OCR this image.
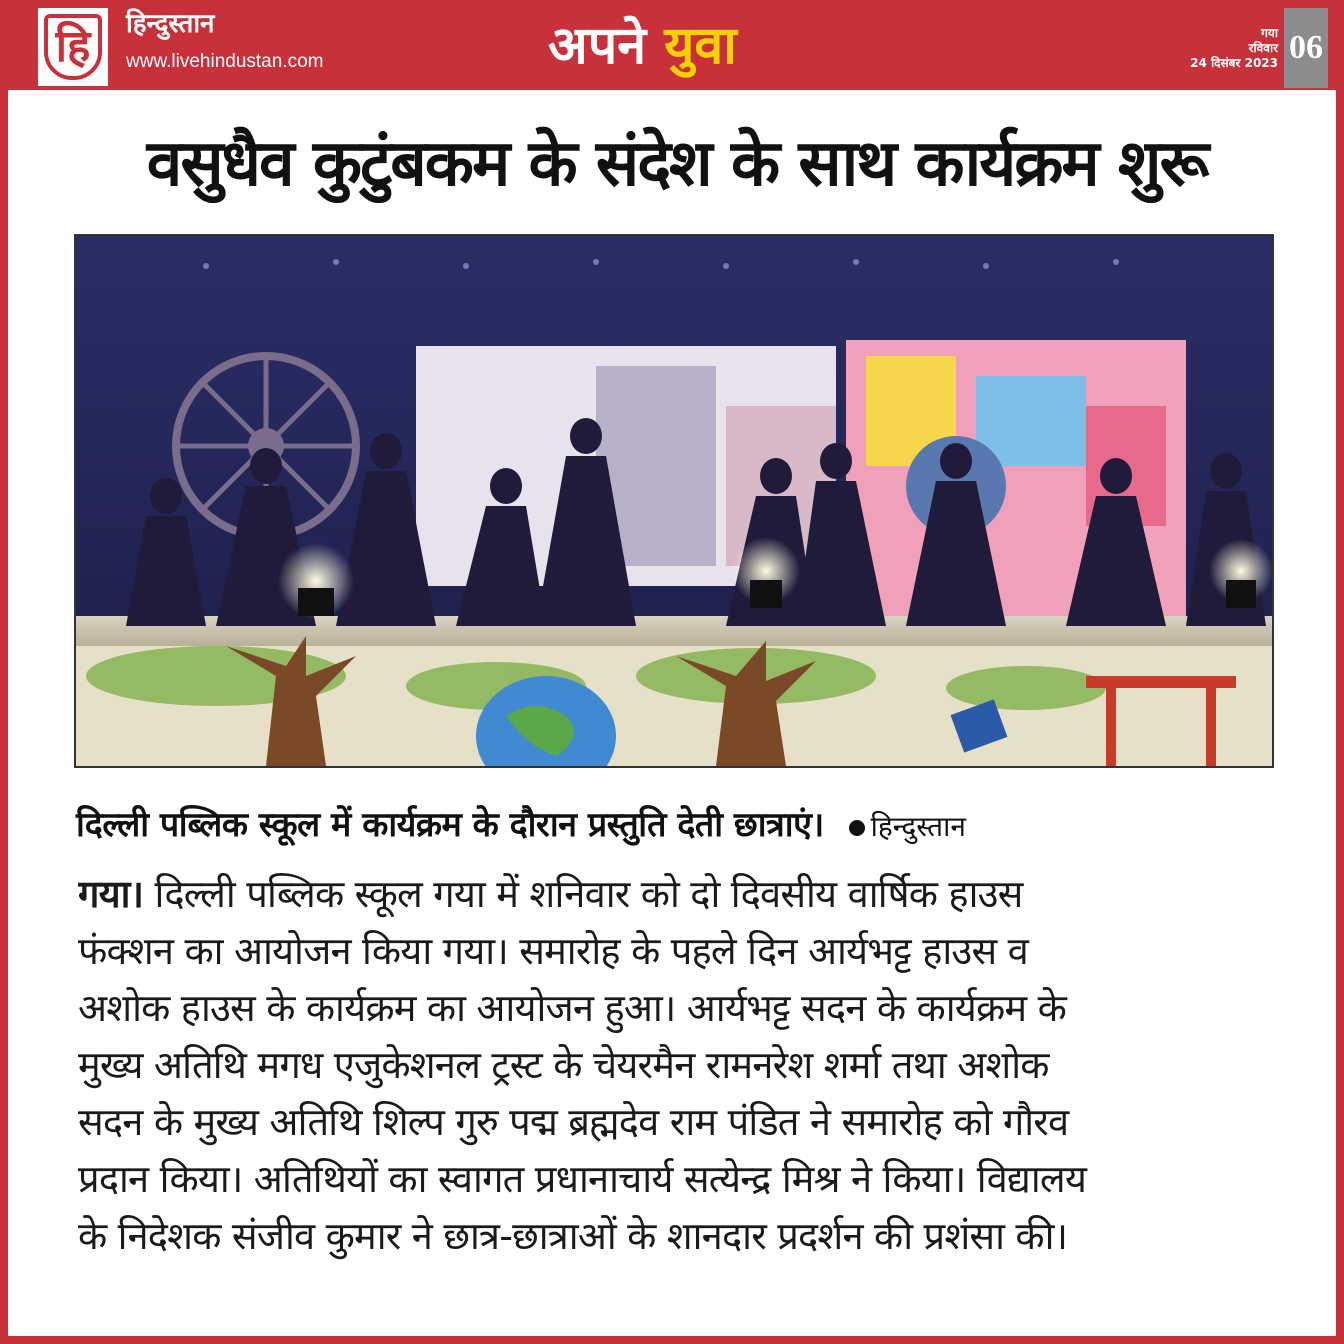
हि हिन्दुस्तान
www.livehindustan.com	अपने युवा	गया
रविवार
24 दिसंबर 2023 06
वसुधैव कुटुंबकम के संदेश के साथ कार्यक्रम शुरू
दिल्ली पब्लिक स्कूल में कार्यक्रम के दौरान प्रस्तुति देती छात्राएं। हिन्दुस्तान
गया। दिल्ली पब्लिक स्कूल गया में शनिवार को दो दिवसीय वार्षिक हाउस
फंक्शन का आयोजन किया गया। समारोह के पहले दिन आर्यभट्ट हाउस व
अशोक हाउस के कार्यक्रम का आयोजन हुआ। आर्यभट्ट सदन के कार्यक्रम के
मुख्य अतिथि मगध एजुकेशनल ट्रस्ट के चेयरमैन रामनरेश शर्मा तथा अशोक
सदन के मुख्य अतिथि शिल्प गुरु पद्म ब्रह्मदेव राम पंडित ने समारोह को गौरव
प्रदान किया। अतिथियों का स्वागत प्रधानाचार्य सत्येन्द्र मिश्र ने किया। विद्यालय
के निदेशक संजीव कुमार ने छात्र-छात्राओं के शानदार प्रदर्शन की प्रशंसा की।
